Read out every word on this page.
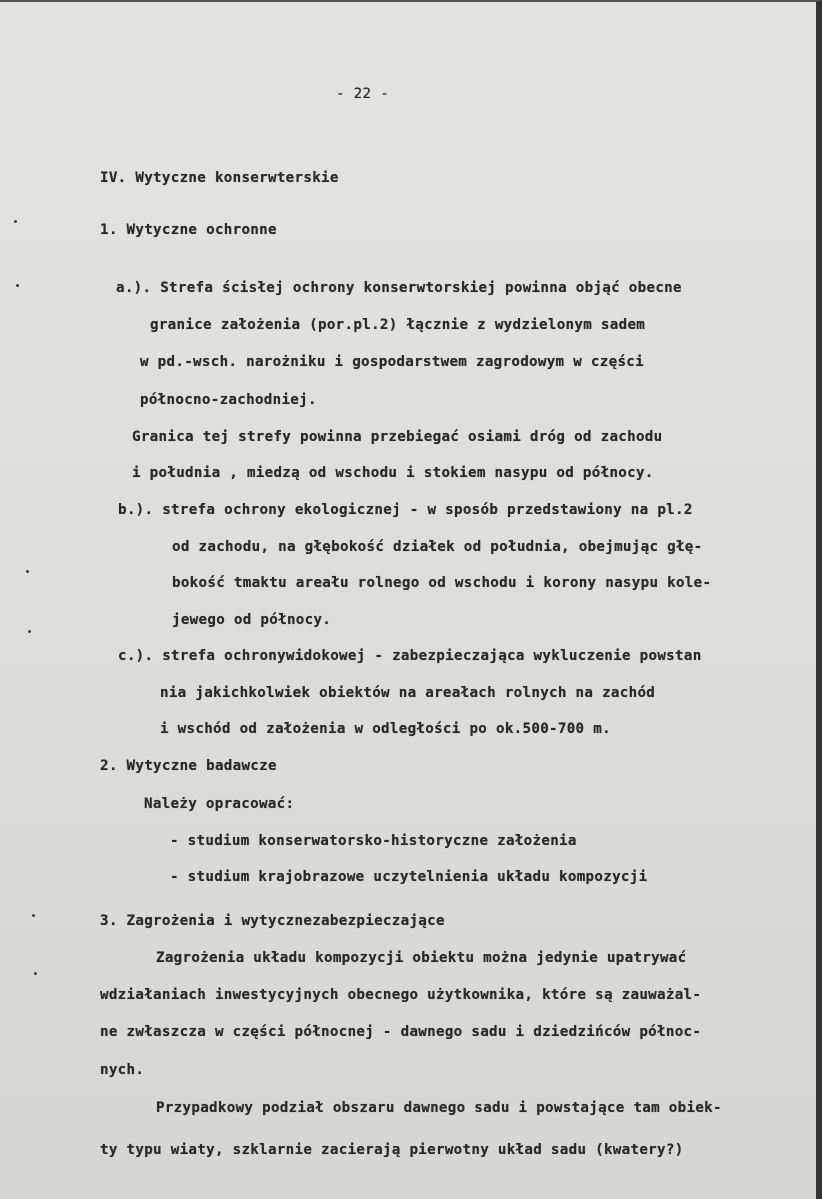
- 22 -
IV. Wytyczne konserwterskie
1. Wytyczne ochronne
a.). Strefa ścisłej ochrony konserwtorskiej powinna objąć obecne
granice założenia (por.pl.2) łącznie z wydzielonym sadem
w pd.-wsch. narożniku i gospodarstwem zagrodowym w części
północno-zachodniej.
Granica tej strefy powinna przebiegać osiami dróg od zachodu
i południa , miedzą od wschodu i stokiem nasypu od północy.
b.). strefa ochrony ekologicznej - w sposób przedstawiony na pl.2
od zachodu, na głębokość działek od południa, obejmując głę-
bokość tmaktu areału rolnego od wschodu i korony nasypu kole-
jewego od północy.
c.). strefa ochronywidokowej - zabezpieczająca wykluczenie powstan
nia jakichkolwiek obiektów na areałach rolnych na zachód
i wschód od założenia w odległości po ok.500-700 m.
2. Wytyczne badawcze
Należy opracować:
- studium konserwatorsko-historyczne założenia
- studium krajobrazowe uczytelnienia układu kompozycji
3. Zagrożenia i wytycznezabezpieczające
Zagrożenia układu kompozycji obiektu można jedynie upatrywać
wdziałaniach inwestycyjnych obecnego użytkownika, które są zauważal-
ne zwłaszcza w części północnej - dawnego sadu i dziedzińców północ-
nych.
Przypadkowy podział obszaru dawnego sadu i powstające tam obiek-
ty typu wiaty, szklarnie zacierają pierwotny układ sadu (kwatery?)
